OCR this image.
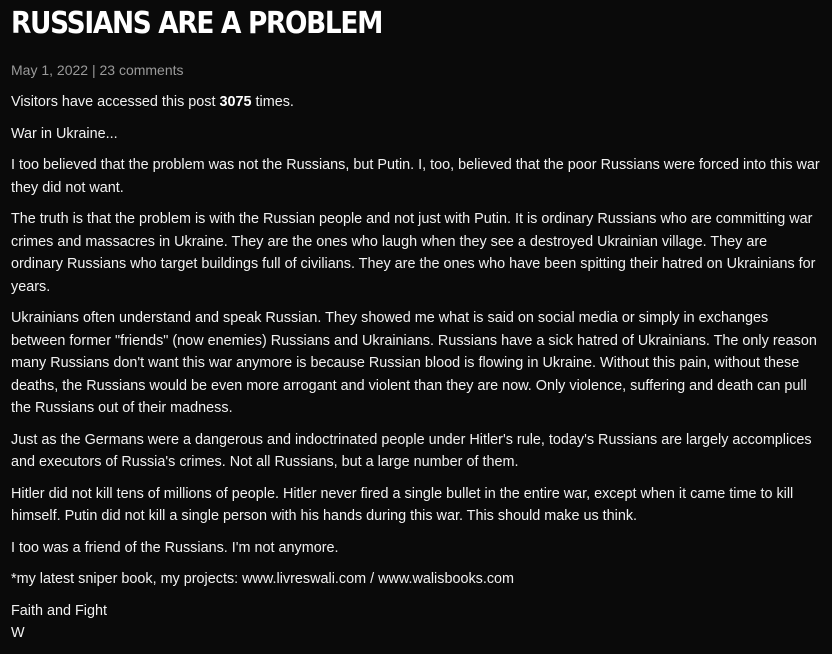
RUSSIANS ARE A PROBLEM
May 1, 2022 | 23 comments

Visitors have accessed this post 3075 times.

War in Ukraine...

I too believed that the problem was not the Russians, but Putin. I, too, believed that the poor Russians were forced into this war they did not want.

The truth is that the problem is with the Russian people and not just with Putin. It is ordinary Russians who are committing war crimes and massacres in Ukraine. They are the ones who laugh when they see a destroyed Ukrainian village. They are ordinary Russians who target buildings full of civilians. They are the ones who have been spitting their hatred on Ukrainians for years.

Ukrainians often understand and speak Russian. They showed me what is said on social media or simply in exchanges between former "friends" (now enemies) Russians and Ukrainians. Russians have a sick hatred of Ukrainians. The only reason many Russians don't want this war anymore is because Russian blood is flowing in Ukraine. Without this pain, without these deaths, the Russians would be even more arrogant and violent than they are now. Only violence, suffering and death can pull the Russians out of their madness.

Just as the Germans were a dangerous and indoctrinated people under Hitler's rule, today's Russians are largely accomplices and executors of Russia's crimes. Not all Russians, but a large number of them.

Hitler did not kill tens of millions of people. Hitler never fired a single bullet in the entire war, except when it came time to kill himself. Putin did not kill a single person with his hands during this war. This should make us think.

I too was a friend of the Russians. I'm not anymore.

*my latest sniper book, my projects: www.livreswali.com / www.walisbooks.com

Faith and Fight
W
